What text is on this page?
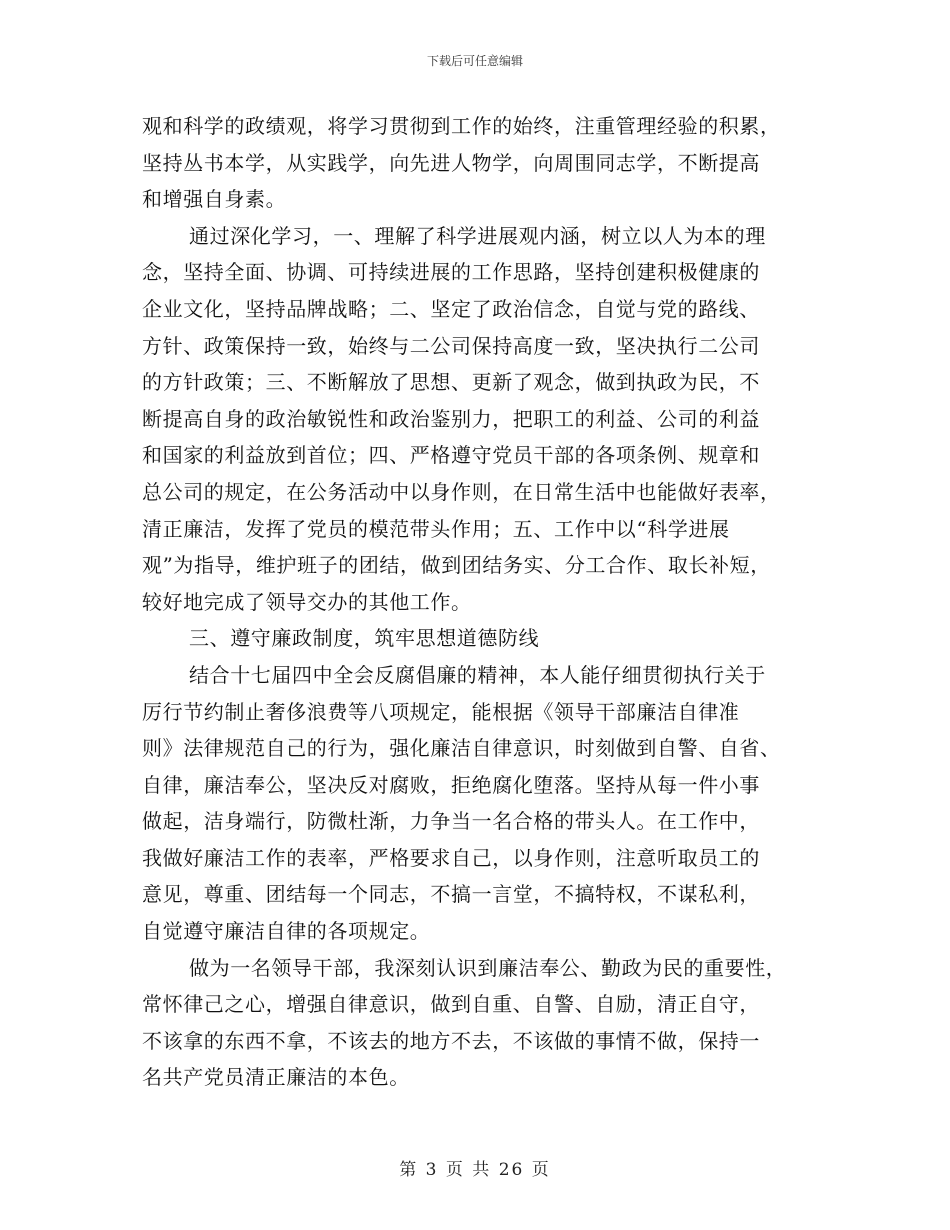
下载后可任意编辑
观和科学的政绩观，将学习贯彻到工作的始终，注重管理经验的积累，
坚持丛书本学，从实践学，向先进人物学，向周围同志学，不断提高
和增强自身素。
通过深化学习，一、理解了科学进展观内涵，树立以人为本的理
念，坚持全面、协调、可持续进展的工作思路，坚持创建积极健康的
企业文化，坚持品牌战略；二、坚定了政治信念，自觉与党的路线、
方针、政策保持一致，始终与二公司保持高度一致，坚决执行二公司
的方针政策；三、不断解放了思想、更新了观念，做到执政为民，不
断提高自身的政治敏锐性和政治鉴别力，把职工的利益、公司的利益
和国家的利益放到首位；四、严格遵守党员干部的各项条例、规章和
总公司的规定，在公务活动中以身作则，在日常生活中也能做好表率，
清正廉洁，发挥了党员的模范带头作用；五、工作中以“科学进展
观”为指导，维护班子的团结，做到团结务实、分工合作、取长补短，
较好地完成了领导交办的其他工作。
三、遵守廉政制度，筑牢思想道德防线
结合十七届四中全会反腐倡廉的精神，本人能仔细贯彻执行关于
厉行节约制止奢侈浪费等八项规定，能根据《领导干部廉洁自律准
则》法律规范自己的行为，强化廉洁自律意识，时刻做到自警、自省、
自律，廉洁奉公，坚决反对腐败，拒绝腐化堕落。坚持从每一件小事
做起，洁身端行，防微杜渐，力争当一名合格的带头人。在工作中，
我做好廉洁工作的表率，严格要求自己，以身作则，注意听取员工的
意见，尊重、团结每一个同志，不搞一言堂，不搞特权，不谋私利，
自觉遵守廉洁自律的各项规定。
做为一名领导干部，我深刻认识到廉洁奉公、勤政为民的重要性，
常怀律己之心，增强自律意识，做到自重、自警、自励，清正自守，
不该拿的东西不拿，不该去的地方不去，不该做的事情不做，保持一
名共产党员清正廉洁的本色。
第 3 页 共 26 页
